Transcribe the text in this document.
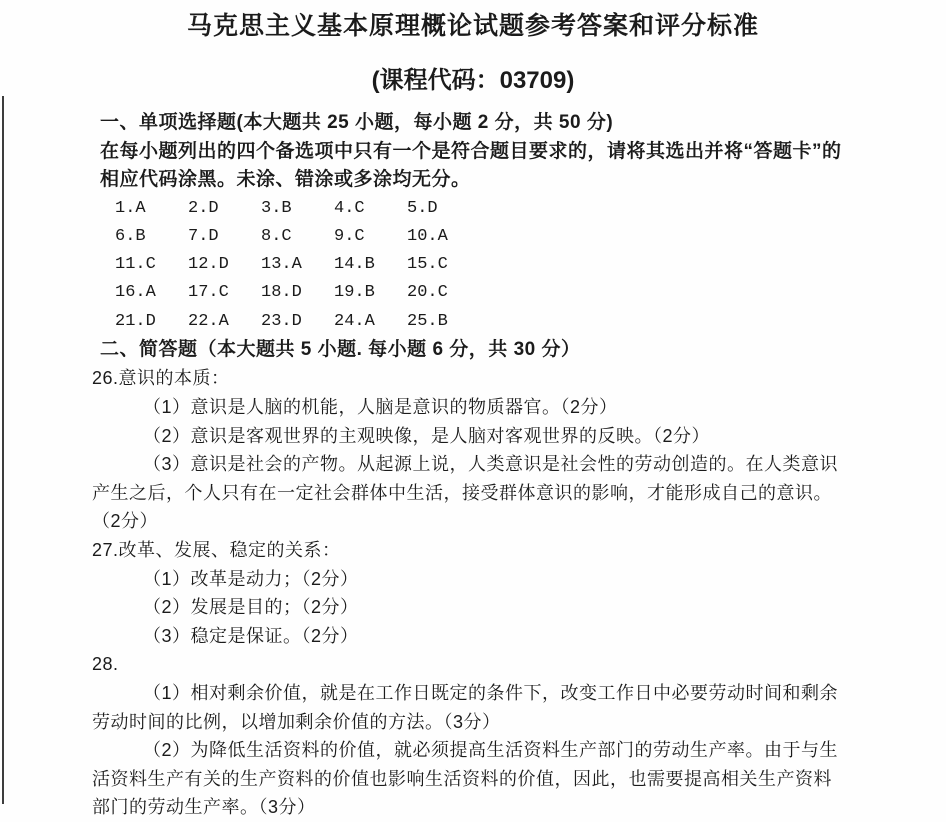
马克思主义基本原理概论试题参考答案和评分标准
(课程代码：03709)
一、单项选择题(本大题共 25 小题，每小题 2 分，共 50 分)
在每小题列出的四个备选项中只有一个是符合题目要求的，请将其选出并将“答题卡”的
相应代码涂黑。未涂、错涂或多涂均无分。
1.A	2.D	3.B	4.C	5.D
6.B	7.D	8.C	9.C	10.A
11.C	12.D	13.A	14.B	15.C
16.A	17.C	18.D	19.B	20.C
21.D	22.A	23.D	24.A	25.B
二、简答题（本大题共 5 小题. 每小题 6 分，共 30 分）
26.意识的本质：
（1）意识是人脑的机能，人脑是意识的物质器官。（2分）
（2）意识是客观世界的主观映像，是人脑对客观世界的反映。（2分）
（3）意识是社会的产物。从起源上说，人类意识是社会性的劳动创造的。在人类意识
产生之后，个人只有在一定社会群体中生活，接受群体意识的影响，才能形成自己的意识。
（2分）
27.改革、发展、稳定的关系：
（1）改革是动力；（2分）
（2）发展是目的；（2分）
（3）稳定是保证。（2分）
28.
（1）相对剩余价值，就是在工作日既定的条件下，改变工作日中必要劳动时间和剩余
劳动时间的比例，以增加剩余价值的方法。（3分）
（2）为降低生活资料的价值，就必须提高生活资料生产部门的劳动生产率。由于与生
活资料生产有关的生产资料的价值也影响生活资料的价值，因此，也需要提高相关生产资料
部门的劳动生产率。（3分）
